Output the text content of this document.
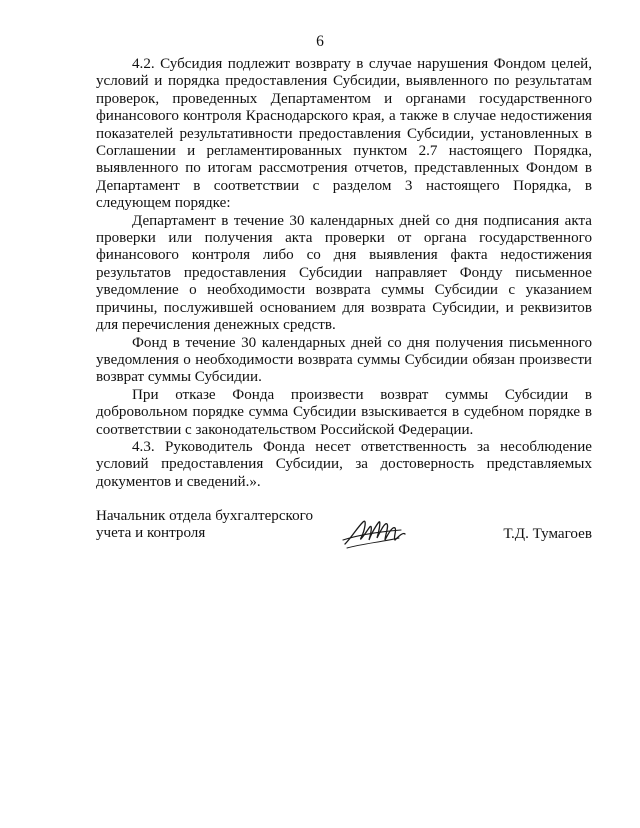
6

4.2. Субсидия подлежит возврату в случае нарушения Фондом целей, условий и порядка предоставления Субсидии, выявленного по результатам проверок, проведенных Департаментом и органами государственного финансового контроля Краснодарского края, а также в случае недостижения показателей результативности предоставления Субсидии, установленных в Соглашении и регламентированных пунктом 2.7 настоящего Порядка, выявленного по итогам рассмотрения отчетов, представленных Фондом в Департамент в соответствии с разделом 3 настоящего Порядка, в следующем порядке:

Департамент в течение 30 календарных дней со дня подписания акта проверки или получения акта проверки от органа государственного финансового контроля либо со дня выявления факта недостижения результатов предоставления Субсидии направляет Фонду письменное уведомление о необходимости возврата суммы Субсидии с указанием причины, послужившей основанием для возврата Субсидии, и реквизитов для перечисления денежных средств.

Фонд в течение 30 календарных дней со дня получения письменного уведомления о необходимости возврата суммы Субсидии обязан произвести возврат суммы Субсидии.

При отказе Фонда произвести возврат суммы Субсидии в добровольном порядке сумма Субсидии взыскивается в судебном порядке в соответствии с законодательством Российской Федерации.

4.3. Руководитель Фонда несет ответственность за несоблюдение условий предоставления Субсидии, за достоверность представляемых документов и сведений.».

Начальник отдела бухгалтерского учета и контроля	Т.Д. Тумагоев
